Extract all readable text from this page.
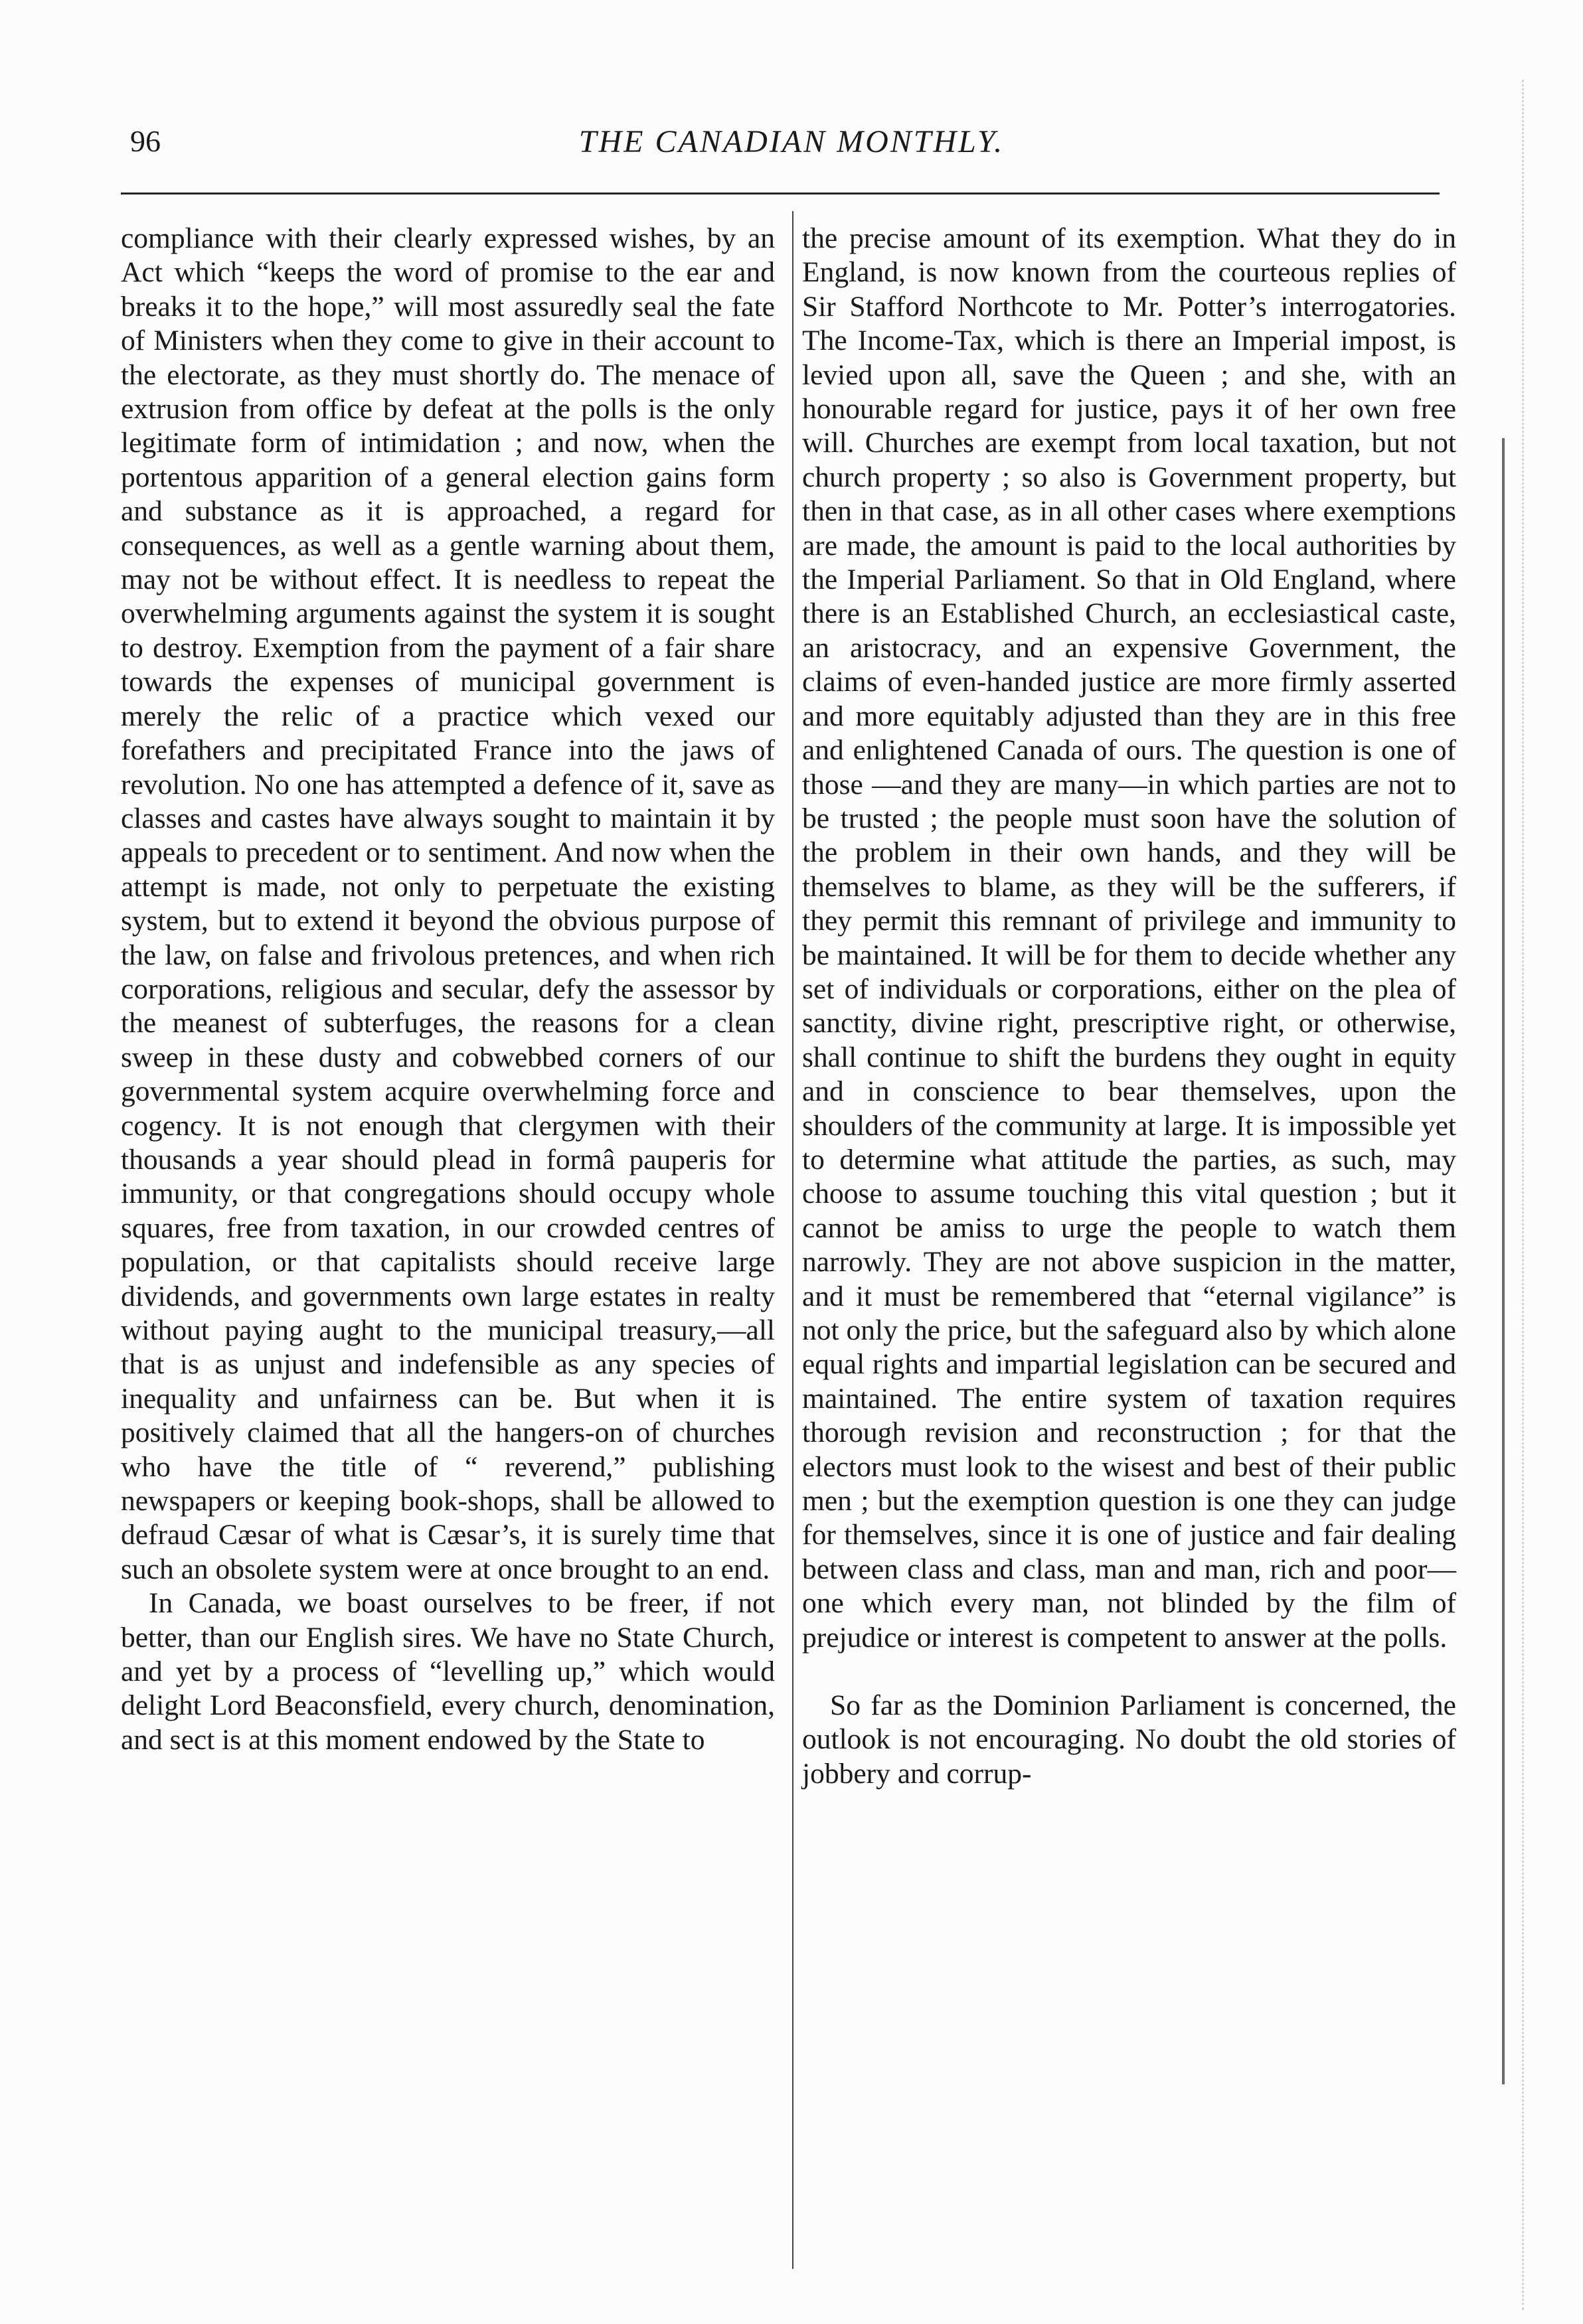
96	THE CANADIAN MONTHLY.

compliance with their clearly expressed wishes, by an Act which “keeps the word of promise to the ear and breaks it to the hope,” will most assuredly seal the fate of Ministers when they come to give in their account to the electorate, as they must shortly do. The menace of extrusion from office by defeat at the polls is the only legitimate form of intimidation ; and now, when the portentous apparition of a general election gains form and substance as it is approached, a regard for consequences, as well as a gentle warning about them, may not be without effect. It is needless to repeat the overwhelming arguments against the system it is sought to destroy. Exemption from the payment of a fair share towards the expenses of municipal government is merely the relic of a practice which vexed our forefathers and precipitated France into the jaws of revolution. No one has attempted a defence of it, save as classes and castes have always sought to maintain it by appeals to precedent or to sentiment. And now when the attempt is made, not only to perpetuate the existing system, but to extend it beyond the obvious purpose of the law, on false and frivolous pretences, and when rich corporations, religious and secular, defy the assessor by the meanest of subterfuges, the reasons for a clean sweep in these dusty and cobwebbed corners of our governmental system acquire overwhelming force and cogency. It is not enough that clergymen with their thousands a year should plead in formâ pauperis for immunity, or that congregations should occupy whole squares, free from taxation, in our crowded centres of population, or that capitalists should receive large dividends, and governments own large estates in realty without paying aught to the municipal treasury,—all that is as unjust and indefensible as any species of inequality and unfairness can be. But when it is positively claimed that all the hangers-on of churches who have the title of “ reverend,” publishing newspapers or keeping book-shops, shall be allowed to defraud Cæsar of what is Cæsar’s, it is surely time that such an obsolete system were at once brought to an end.

In Canada, we boast ourselves to be freer, if not better, than our English sires. We have no State Church, and yet by a process of “levelling up,” which would delight Lord Beaconsfield, every church, denomination, and sect is at this moment endowed by the State to

the precise amount of its exemption. What they do in England, is now known from the courteous replies of Sir Stafford Northcote to Mr. Potter’s interrogatories. The Income-Tax, which is there an Imperial impost, is levied upon all, save the Queen ; and she, with an honourable regard for justice, pays it of her own free will. Churches are exempt from local taxation, but not church property ; so also is Government property, but then in that case, as in all other cases where exemptions are made, the amount is paid to the local authorities by the Imperial Parliament. So that in Old England, where there is an Established Church, an ecclesiastical caste, an aristocracy, and an expensive Government, the claims of even-handed justice are more firmly asserted and more equitably adjusted than they are in this free and enlightened Canada of ours. The question is one of those —and they are many—in which parties are not to be trusted ; the people must soon have the solution of the problem in their own hands, and they will be themselves to blame, as they will be the sufferers, if they permit this remnant of privilege and immunity to be maintained. It will be for them to decide whether any set of individuals or corporations, either on the plea of sanctity, divine right, prescriptive right, or otherwise, shall continue to shift the burdens they ought in equity and in conscience to bear themselves, upon the shoulders of the community at large. It is impossible yet to determine what attitude the parties, as such, may choose to assume touching this vital question ; but it cannot be amiss to urge the people to watch them narrowly. They are not above suspicion in the matter, and it must be remembered that “eternal vigilance” is not only the price, but the safeguard also by which alone equal rights and impartial legislation can be secured and maintained. The entire system of taxation requires thorough revision and reconstruction ; for that the electors must look to the wisest and best of their public men ; but the exemption question is one they can judge for themselves, since it is one of justice and fair dealing between class and class, man and man, rich and poor—one which every man, not blinded by the film of prejudice or interest is competent to answer at the polls.

So far as the Dominion Parliament is concerned, the outlook is not encouraging. No doubt the old stories of jobbery and corrup-
